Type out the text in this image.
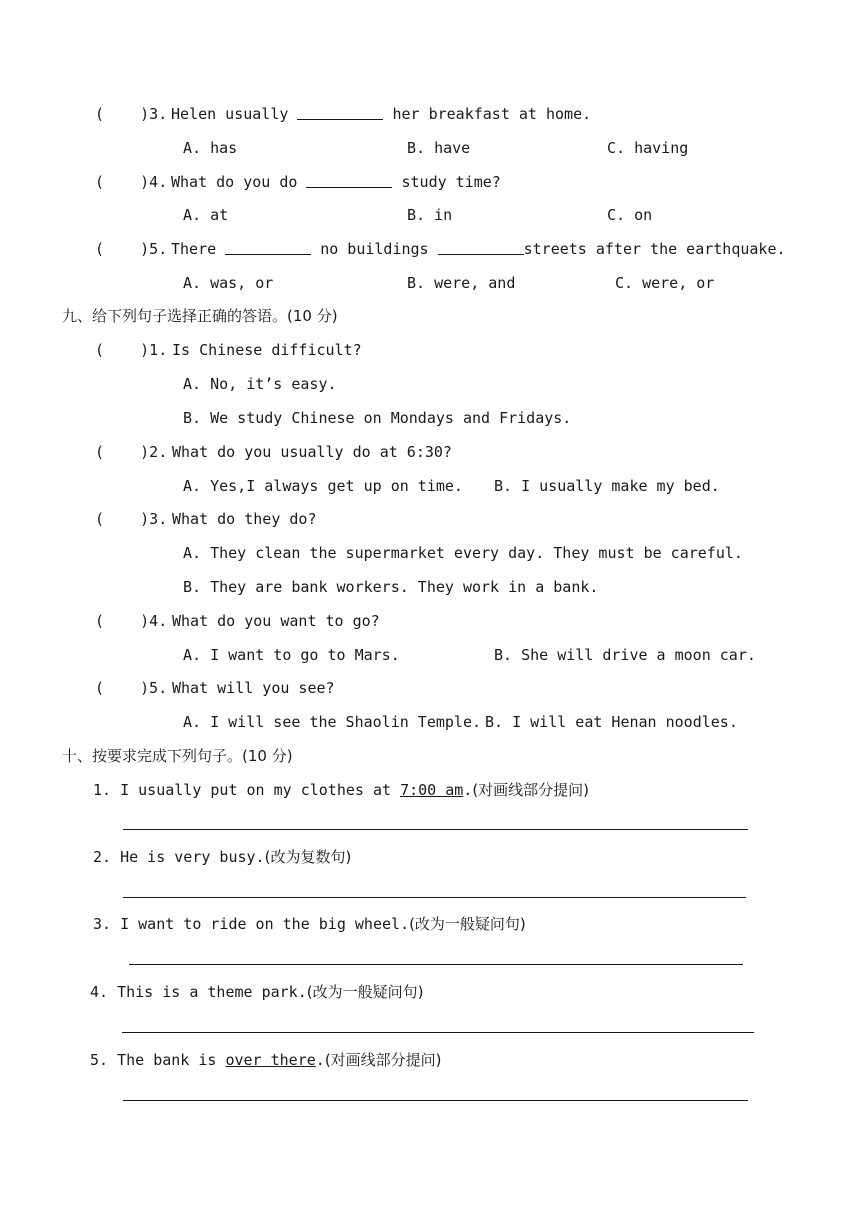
(    )3. Helen usually	her breakfast at home.
A. has	B. have	C. having
(    )4. What do you do	study time?
A. at	B. in	C. on
(    )5. There	no buildings	streets after the earthquake.
A. was, or	B. were, and	C. were, or
九、给下列句子选择正确的答语。(10 分)
(    )1. Is Chinese difficult?
A. No, it’s easy.
B. We study Chinese on Mondays and Fridays.
(    )2. What do you usually do at 6:30?
A. Yes,I always get up on time. B. I usually make my bed.
(    )3. What do they do?
A. They clean the supermarket every day. They must be careful.
B. They are bank workers. They work in a bank.
(    )4. What do you want to go?
A. I want to go to Mars.	B. She will drive a moon car.
(    )5. What will you see?
A. I will see the Shaolin Temple. B. I will eat Henan noodles.
十、按要求完成下列句子。(10 分)
1. I usually put on my clothes at 7:00 am.(对画线部分提问)
2. He is very busy.(改为复数句)
3. I want to ride on the big wheel.(改为一般疑问句)
4. This is a theme park.(改为一般疑问句)
5. The bank is over there.(对画线部分提问)
